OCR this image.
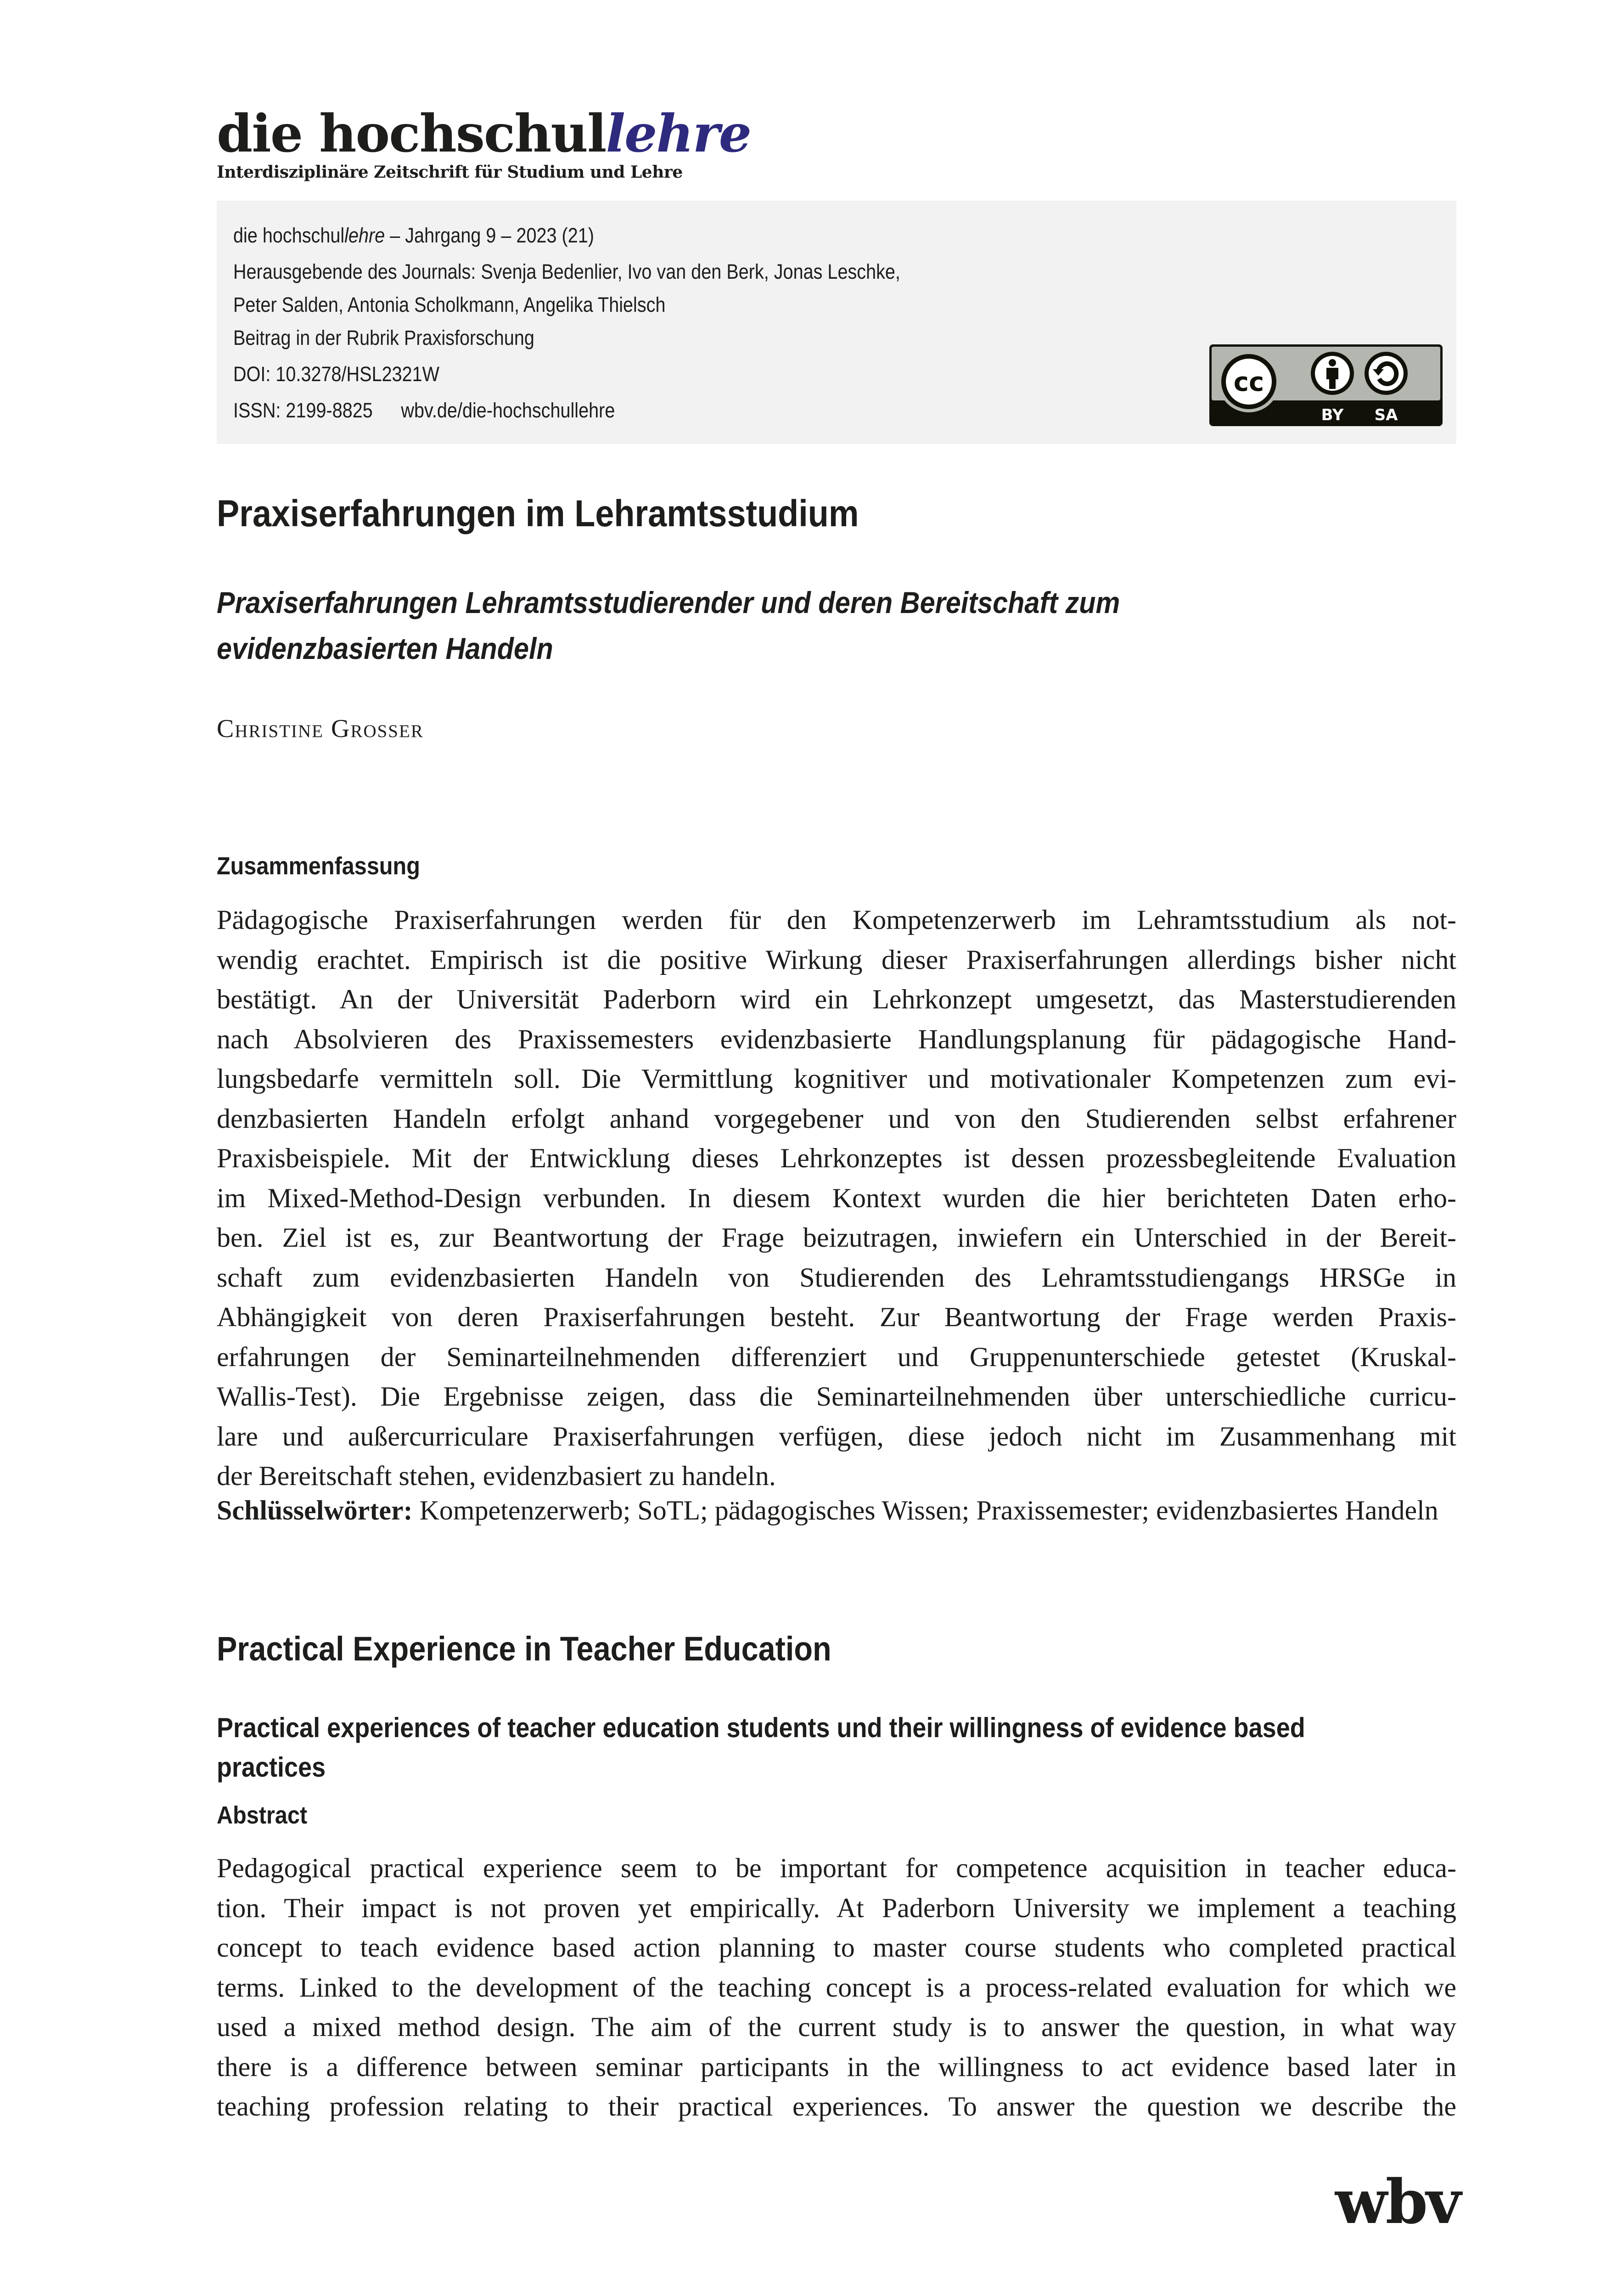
die hochschullehre
Interdisziplinäre Zeitschrift für Studium und Lehre
die hochschullehre – Jahrgang 9 – 2023 (21)
Herausgebende des Journals: Svenja Bedenlier, Ivo van den Berk, Jonas Leschke,
Peter Salden, Antonia Scholkmann, Angelika Thielsch
Beitrag in der Rubrik Praxisforschung
DOI: 10.3278/HSL2321W
ISSN: 2199-8825 wbv.de/die-hochschullehre
cc
BY SA
Praxiserfahrungen im Lehramtsstudium
Praxiserfahrungen Lehramtsstudierender und deren Bereitschaft zum
evidenzbasierten Handeln
Christine Grosser
Zusammenfassung
Pädagogische Praxiserfahrungen werden für den Kompetenzerwerb im Lehramtsstudium als not-
wendig erachtet. Empirisch ist die positive Wirkung dieser Praxiserfahrungen allerdings bisher nicht
bestätigt. An der Universität Paderborn wird ein Lehrkonzept umgesetzt, das Masterstudierenden
nach Absolvieren des Praxissemesters evidenzbasierte Handlungsplanung für pädagogische Hand-
lungsbedarfe vermitteln soll. Die Vermittlung kognitiver und motivationaler Kompetenzen zum evi-
denzbasierten Handeln erfolgt anhand vorgegebener und von den Studierenden selbst erfahrener
Praxisbeispiele. Mit der Entwicklung dieses Lehrkonzeptes ist dessen prozessbegleitende Evaluation
im Mixed-Method-Design verbunden. In diesem Kontext wurden die hier berichteten Daten erho-
ben. Ziel ist es, zur Beantwortung der Frage beizutragen, inwiefern ein Unterschied in der Bereit-
schaft zum evidenzbasierten Handeln von Studierenden des Lehramtsstudiengangs HRSGe in
Abhängigkeit von deren Praxiserfahrungen besteht. Zur Beantwortung der Frage werden Praxis-
erfahrungen der Seminarteilnehmenden differenziert und Gruppenunterschiede getestet (Kruskal-
Wallis-Test). Die Ergebnisse zeigen, dass die Seminarteilnehmenden über unterschiedliche curricu-
lare und außercurriculare Praxiserfahrungen verfügen, diese jedoch nicht im Zusammenhang mit
der Bereitschaft stehen, evidenzbasiert zu handeln.
Schlüsselwörter: Kompetenzerwerb; SoTL; pädagogisches Wissen; Praxissemester; evidenzbasiertes Handeln
Practical Experience in Teacher Education
Practical experiences of teacher education students und their willingness of evidence based
practices
Abstract
Pedagogical practical experience seem to be important for competence acquisition in teacher educa-
tion. Their impact is not proven yet empirically. At Paderborn University we implement a teaching
concept to teach evidence based action planning to master course students who completed practical
terms. Linked to the development of the teaching concept is a process-related evaluation for which we
used a mixed method design. The aim of the current study is to answer the question, in what way
there is a difference between seminar participants in the willingness to act evidence based later in
teaching profession relating to their practical experiences. To answer the question we describe the
wbv
